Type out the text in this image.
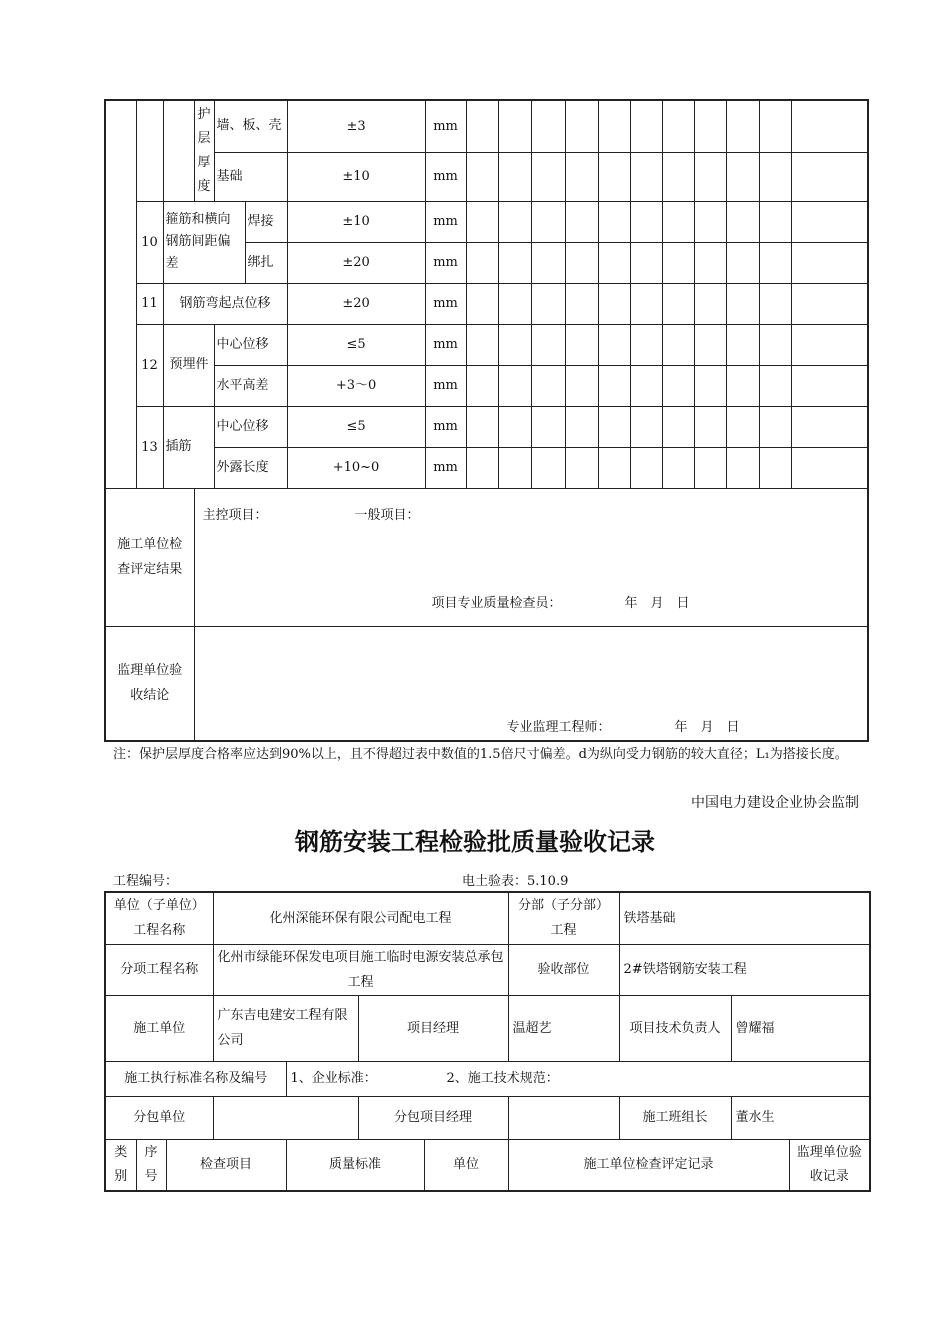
			护层厚度	墙、板、壳		±3	mm											
				基础		±10	mm											
	10	箍筋和横向钢筋间距偏差			焊接	±10	mm											
					绑扎	±20	mm											
	11	钢筋弯起点位移				±20	mm											
	12	预埋件		中心位移		≤5	mm											
				水平高差		+3～0	mm											
	13	插筋		中心位移		≤5	mm											
				外露长度		+10~0	mm											
施工单位检查评定结果			主控项目： 一般项目：
项目专业质量检查员： 年　月　日															

监理单位验收结论			专业监理工程师： 年　月　日															
注：保护层厚度合格率应达到90%以上，且不得超过表中数值的1.5倍尺寸偏差。d为纵向受力钢筋的较大直径；L₁为搭接长度。
中国电力建设企业协会监制
钢筋安装工程检验批质量验收记录
工程编号：	电土验表：5.10.9
单位（子单位）工程名称			化州深能环保有限公司配电工程				分部（子分部）工程	铁塔基础		
分项工程名称			化州市绿能环保发电项目施工临时电源安装总承包工程				验收部位	2#铁塔钢筋安装工程		
施工单位			广东吉电建安工程有限公司		项目经理		温超艺	项目技术负责人	曾耀福	
施工执行标准名称及编号				1、企业标准： 2、施工技术规范：						

分包单位					分包项目经理			施工班组长	董水生	
类别	序号	检查项目		质量标准		单位	施工单位检查评定记录			监理单位验收记录
